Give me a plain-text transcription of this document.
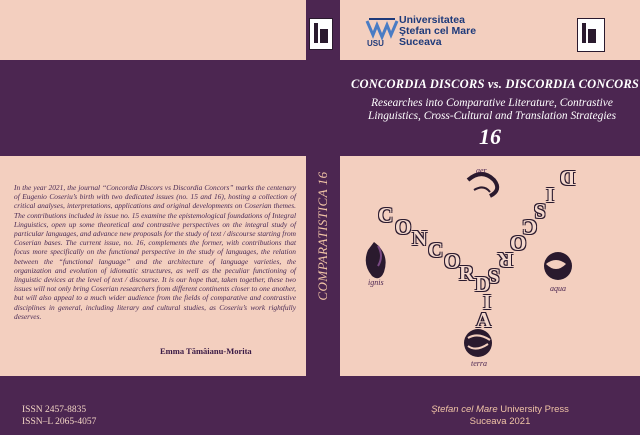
COMPARATISTICA 16
Universitatea
Ştefan cel Mare
Suceava
USU
CONCORDIA DISCORS vs. DISCORDIA CONCORS
Researches into Comparative Literature, Contrastive
Linguistics, Cross-Cultural and Translation Strategies
16
In the year 2021, the journal “Concordia Discors vs Discordia Concors” marks the centenary of Eugenio Coseriu’s birth with two dedicated issues (no. 15 and 16), hosting a collection of critical analyses, interpretations, applications and original developments on Coserian themes. The contributions included in issue no. 15 examine the epistemological foundations of Integral Linguistics, open up some theoretical and contrastive perspectives on the integral study of particular languages, and advance new proposals for the study of text / discourse starting from Coserian bases. The current issue, no. 16, complements the former, with contributions that focus more specifically on the functional perspective in the study of languages, the relation between the “functional language” and the architecture of language varieties, the organization and evolution of idiomatic structures, as well as the peculiar functioning of linguistic devices at the level of text / discourse. It is our hope that, taken together, these two issues will not only bring Coserian researchers from different continents closer to one another, but will also appeal to a much wider audience from the fields of comparative and contrastive disciplines in general, including literary and cultural studies, as Coseriu’s work rightfully deserves.
Emma Tămâianu-Morita
ISSN 2457-8835
ISSN–L 2065-4057
Ştefan cel Mare University Press
Suceava 2021
C O N C O
R D
I
A
D
I
S
C
O
R
S
aer
ignis
aqua
terra
